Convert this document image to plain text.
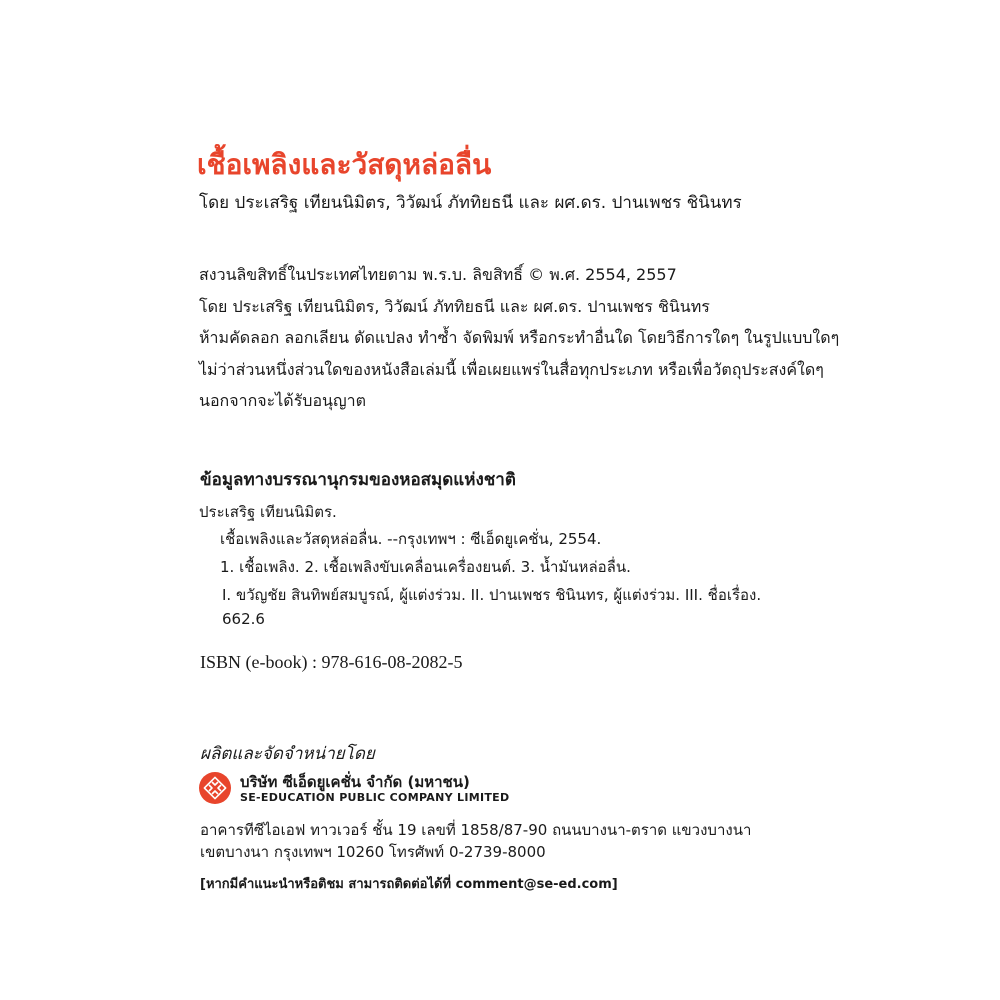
เชื้อเพลิงและวัสดุหล่อลื่น
โดย ประเสริฐ เทียนนิมิตร, วิวัฒน์ ภัททิยธนี และ ผศ.ดร. ปานเพชร ชินินทร
สงวนลิขสิทธิ์ในประเทศไทยตาม พ.ร.บ. ลิขสิทธิ์ © พ.ศ. 2554, 2557
โดย ประเสริฐ เทียนนิมิตร, วิวัฒน์ ภัททิยธนี และ ผศ.ดร. ปานเพชร ชินินทร
ห้ามคัดลอก ลอกเลียน ดัดแปลง ทำซ้ำ จัดพิมพ์ หรือกระทำอื่นใด โดยวิธีการใดๆ ในรูปแบบใดๆ
ไม่ว่าส่วนหนึ่งส่วนใดของหนังสือเล่มนี้ เพื่อเผยแพร่ในสื่อทุกประเภท หรือเพื่อวัตถุประสงค์ใดๆ
นอกจากจะได้รับอนุญาต
ข้อมูลทางบรรณานุกรมของหอสมุดแห่งชาติ
ประเสริฐ เทียนนิมิตร.
เชื้อเพลิงและวัสดุหล่อลื่น. --กรุงเทพฯ : ซีเอ็ดยูเคชั่น, 2554.
1. เชื้อเพลิง. 2. เชื้อเพลิงขับเคลื่อนเครื่องยนต์. 3. น้ำมันหล่อลื่น.
I. ขวัญชัย สินทิพย์สมบูรณ์, ผู้แต่งร่วม. II. ปานเพชร ชินินทร, ผู้แต่งร่วม. III. ชื่อเรื่อง.
662.6
ISBN (e-book) : 978-616-08-2082-5
ผลิตและจัดจำหน่ายโดย
บริษัท ซีเอ็ดยูเคชั่น จำกัด (มหาชน)
SE-EDUCATION PUBLIC COMPANY LIMITED
อาคารทีซีไอเอฟ ทาวเวอร์ ชั้น 19 เลขที่ 1858/87-90 ถนนบางนา-ตราด แขวงบางนา
เขตบางนา กรุงเทพฯ 10260 โทรศัพท์ 0-2739-8000
[หากมีคำแนะนำหรือติชม สามารถติดต่อได้ที่ comment@se-ed.com]
